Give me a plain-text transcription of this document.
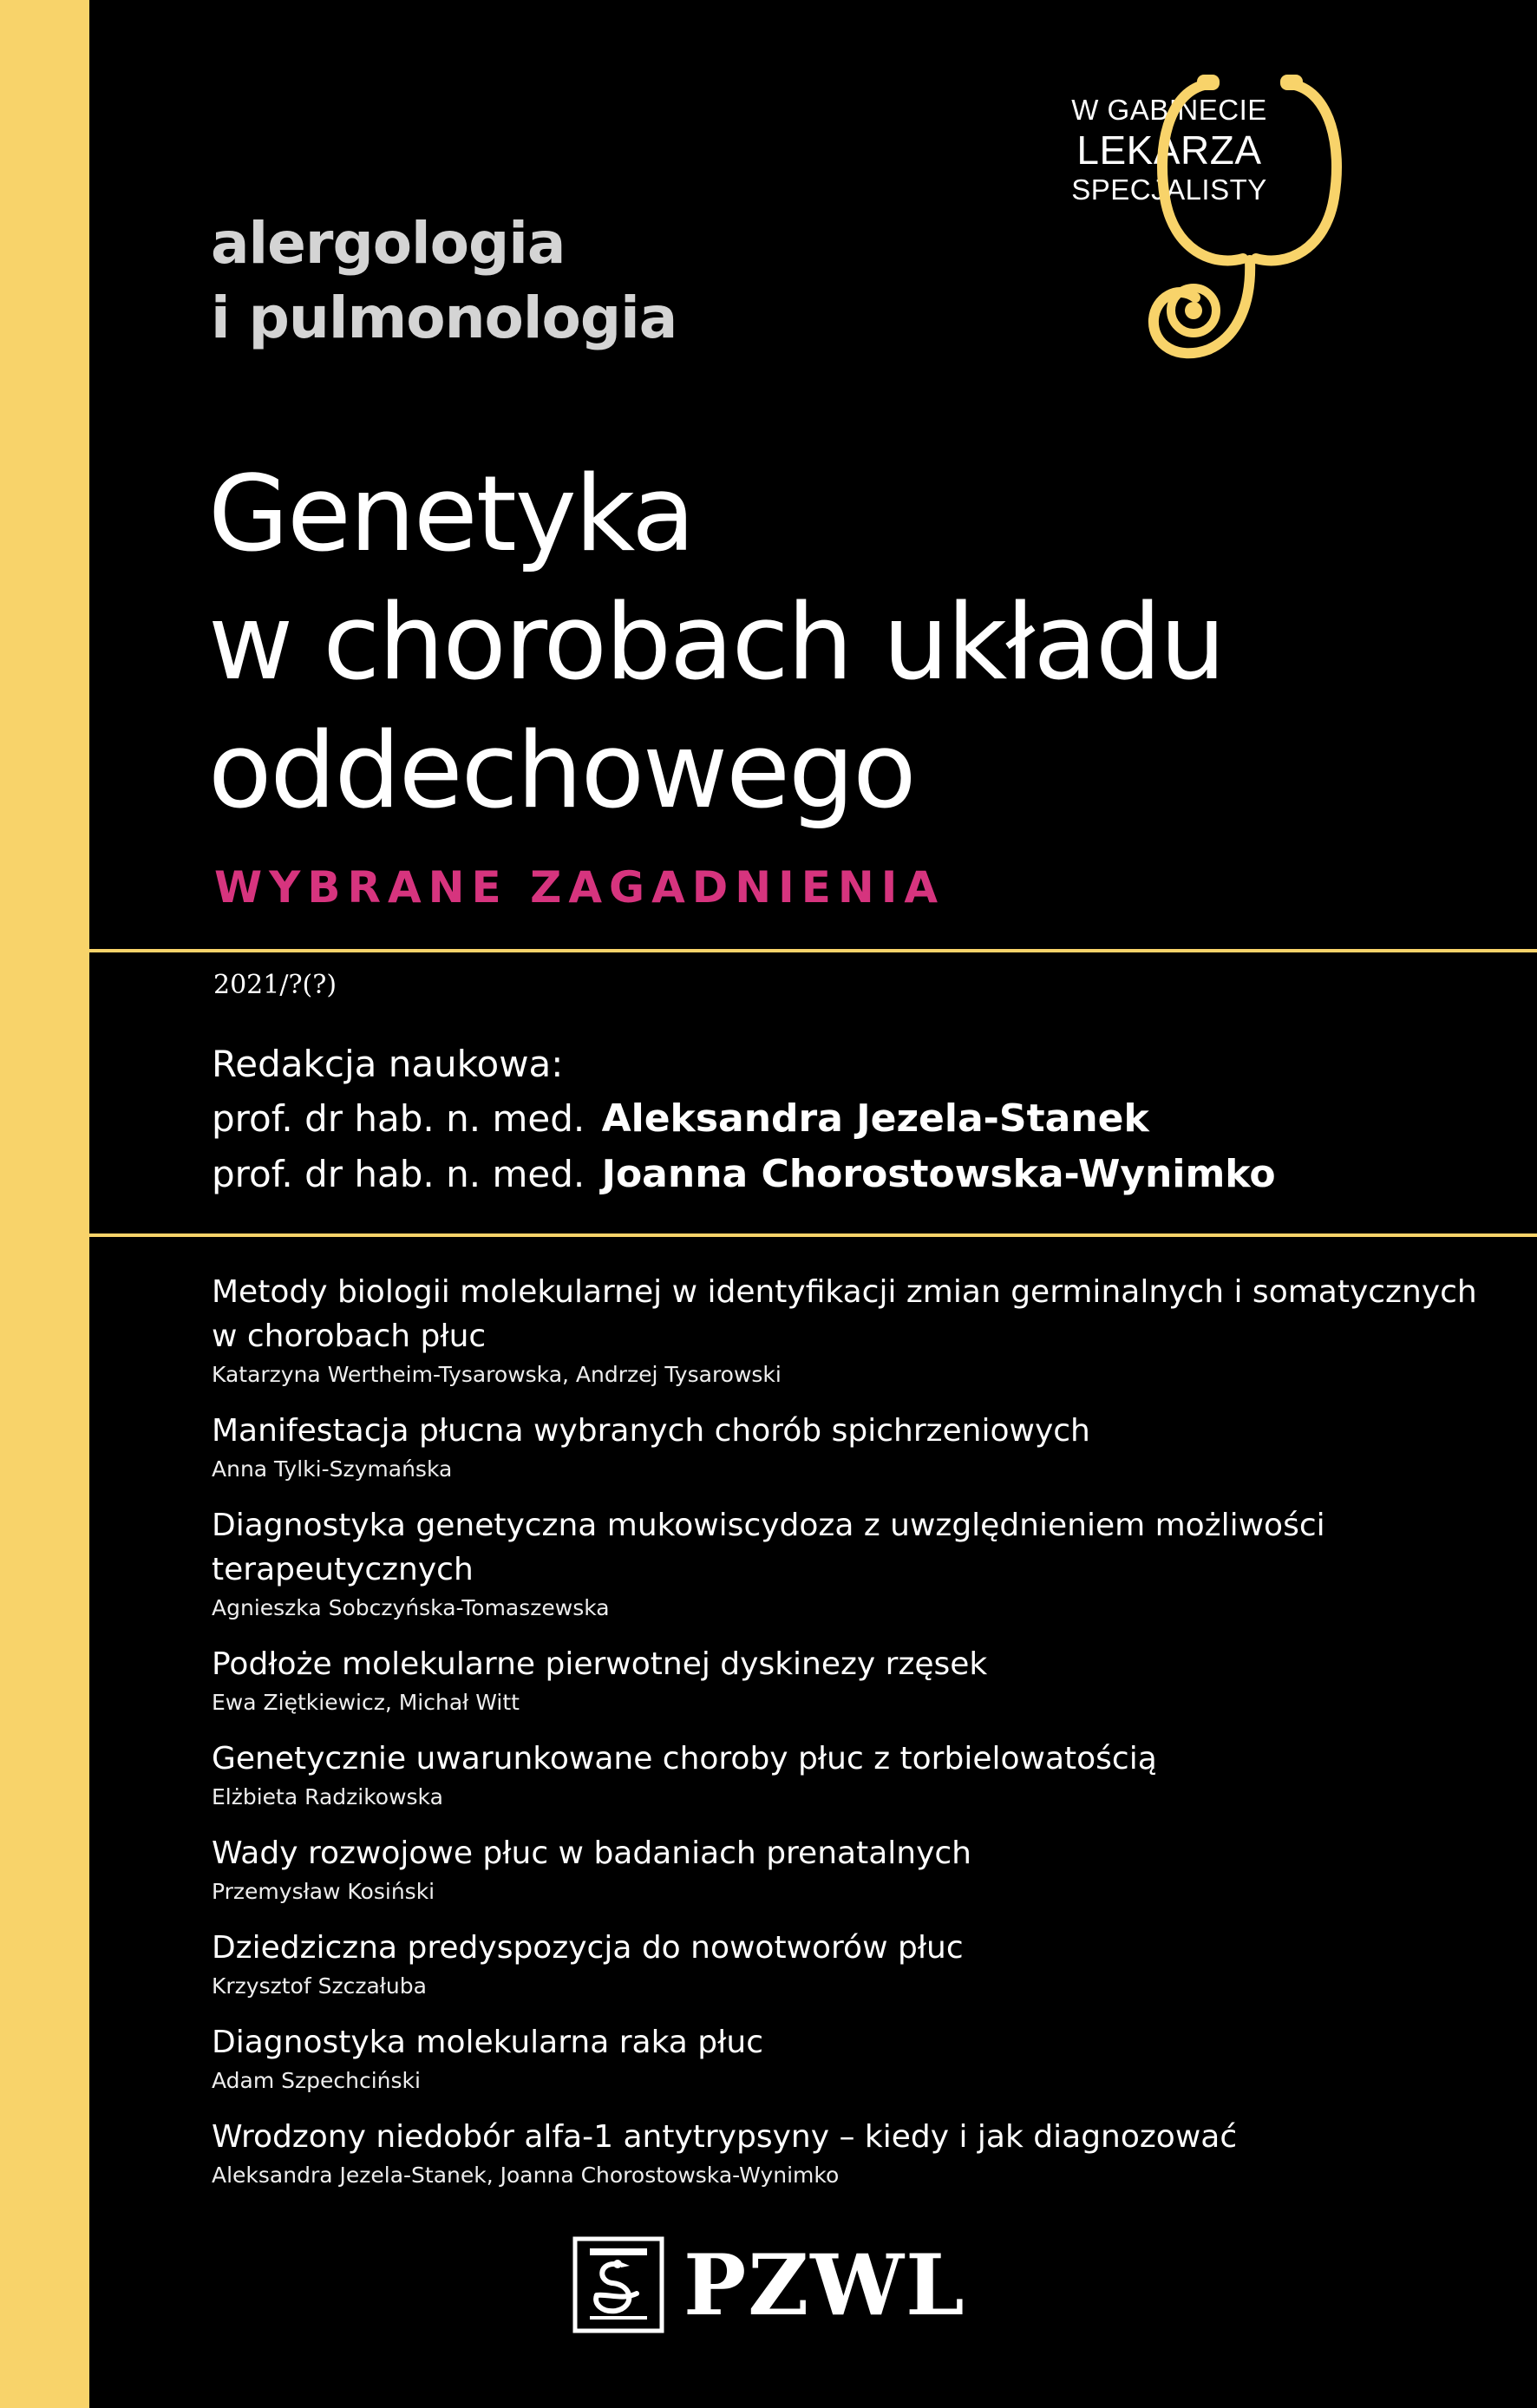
W GABINECIE
LEKARZA
SPECJALISTY
alergologia
i pulmonologia
Genetyka
w chorobach układu
oddechowego
WYBRANE ZAGADNIENIA
2021/?(?)
Redakcja naukowa:
prof. dr hab. n. med. Aleksandra Jezela-Stanek
prof. dr hab. n. med. Joanna Chorostowska-Wynimko
Metody biologii molekularnej w identyfikacji zmian germinalnych i somatycznych w chorobach płuc
Katarzyna Wertheim-Tysarowska, Andrzej Tysarowski
Manifestacja płucna wybranych chorób spichrzeniowych
Anna Tylki-Szymańska
Diagnostyka genetyczna mukowiscydoza z uwzględnieniem możliwości terapeutycznych
Agnieszka Sobczyńska-Tomaszewska
Podłoże molekularne pierwotnej dyskinezy rzęsek
Ewa Ziętkiewicz, Michał Witt
Genetycznie uwarunkowane choroby płuc z torbielowatością
Elżbieta Radzikowska
Wady rozwojowe płuc w badaniach prenatalnych
Przemysław Kosiński
Dziedziczna predyspozycja do nowotworów płuc
Krzysztof Szczałuba
Diagnostyka molekularna raka płuc
Adam Szpechciński
Wrodzony niedobór alfa-1 antytrypsyny – kiedy i jak diagnozować
Aleksandra Jezela-Stanek, Joanna Chorostowska-Wynimko
PZWL
